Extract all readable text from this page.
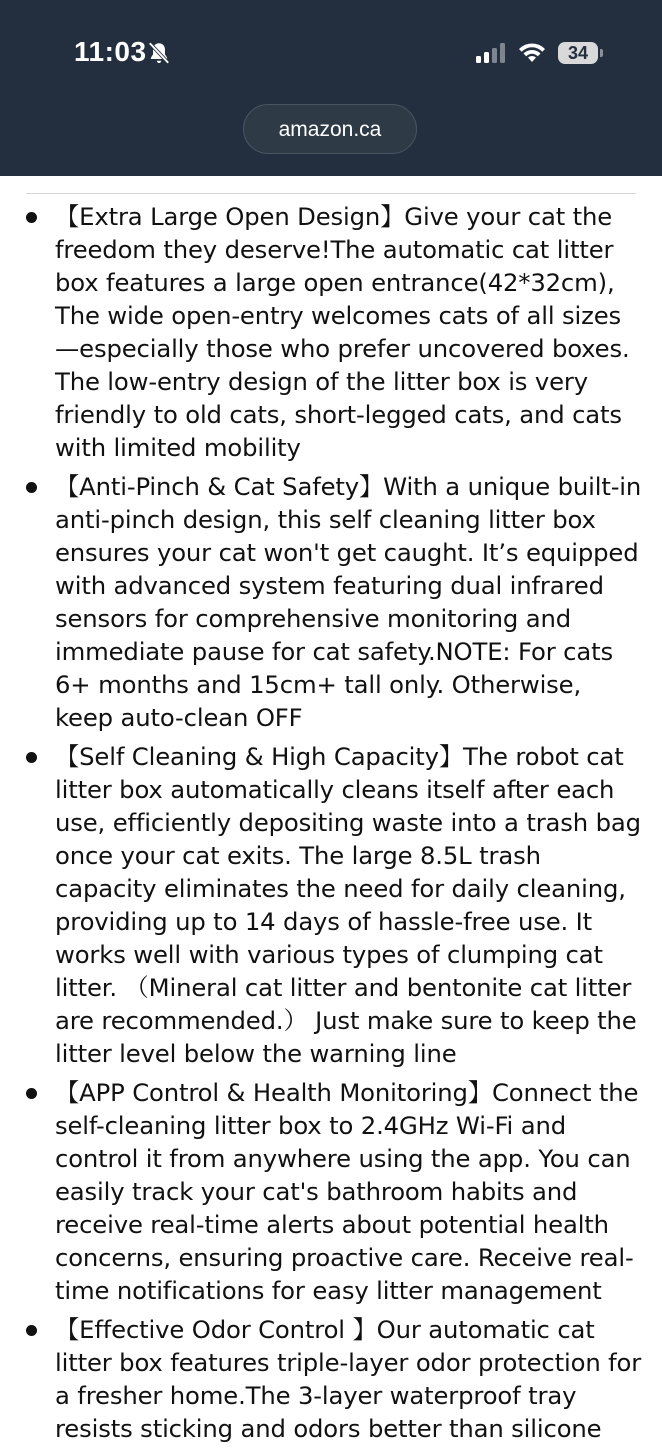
11:03	34
amazon.ca
【Extra Large Open Design】Give your cat the freedom they deserve!The automatic cat litter box features a large open entrance(42*32cm), The wide open-entry welcomes cats of all sizes —especially those who prefer uncovered boxes. The low-entry design of the litter box is very friendly to old cats, short-legged cats, and cats with limited mobility
【Anti-Pinch & Cat Safety】With a unique built-in anti-pinch design, this self cleaning litter box ensures your cat won't get caught. It’s equipped with advanced system featuring dual infrared sensors for comprehensive monitoring and immediate pause for cat safety.NOTE: For cats 6+ months and 15cm+ tall only. Otherwise, keep auto-clean OFF
【Self Cleaning & High Capacity】The robot cat litter box automatically cleans itself after each use, efficiently depositing waste into a trash bag once your cat exits. The large 8.5L trash capacity eliminates the need for daily cleaning, providing up to 14 days of hassle-free use. It works well with various types of clumping cat litter. （Mineral cat litter and bentonite cat litter are recommended.） Just make sure to keep the litter level below the warning line
【APP Control & Health Monitoring】Connect the self-cleaning litter box to 2.4GHz Wi-Fi and control it from anywhere using the app. You can easily track your cat's bathroom habits and receive real-time alerts about potential health concerns, ensuring proactive care. Receive real-time notifications for easy litter management
【Effective Odor Control 】Our automatic cat litter box features triple-layer odor protection for a fresher home.The 3-layer waterproof tray resists sticking and odors better than silicone
